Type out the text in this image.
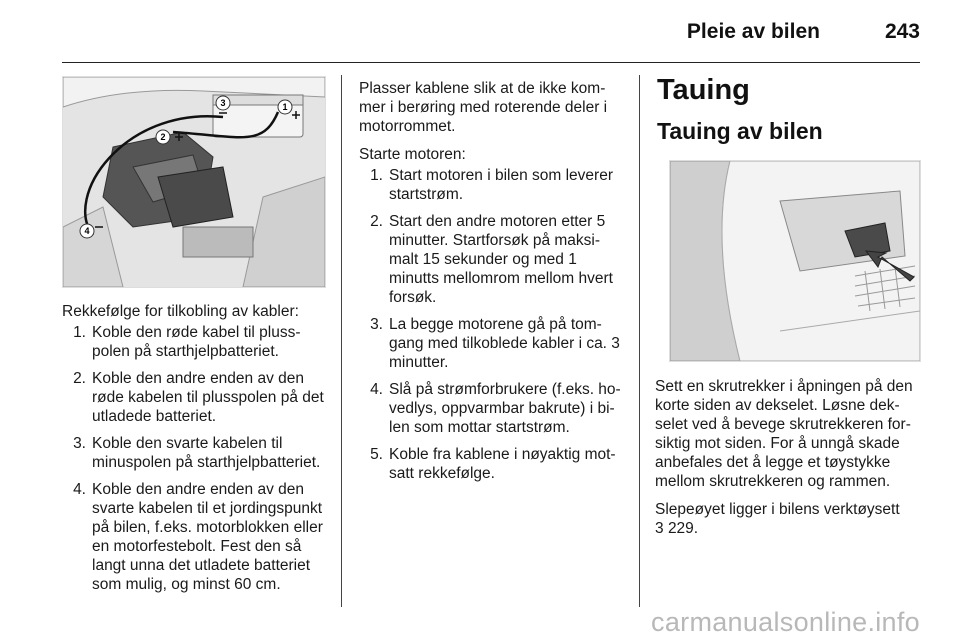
Pleie av bilen	243
1
2
3
4

Rekkefølge for tilkobling av kabler:

1. Koble den røde kabel til pluss-polen på starthjelpbatteriet.
2. Koble den andre enden av den røde kabelen til plusspolen på det utladede batteriet.
3. Koble den svarte kabelen til minuspolen på starthjelpbatteriet.
4. Koble den andre enden av den svarte kabelen til et jordingspunkt på bilen, f.eks. motorblokken eller en motorfestebolt. Fest den så langt unna det utladete batteriet som mulig, og minst 60 cm.

Plasser kablene slik at de ikke kom-mer i berøring med roterende deler i motorrommet.

Starte motoren:

1. Start motoren i bilen som leverer startstrøm.
2. Start den andre motoren etter 5 minutter. Startforsøk på maksi-malt 15 sekunder og med 1 minutts mellomrom mellom hvert forsøk.
3. La begge motorene gå på tom-gang med tilkoblede kabler i ca. 3 minutter.
4. Slå på strømforbrukere (f.eks. ho-vedlys, oppvarmbar bakrute) i bi-len som mottar startstrøm.
5. Koble fra kablene i nøyaktig mot-satt rekkefølge.
Tauing
Tauing av bilen

Sett en skrutrekker i åpningen på den korte siden av dekselet. Løsne dek-selet ved å bevege skrutrekkeren for-siktig mot siden. For å unngå skade anbefales det å legge et tøystykke mellom skrutrekkeren og rammen.

Slepeøyet ligger i bilens verktøysett
3 229.

carmanualsonline.info
